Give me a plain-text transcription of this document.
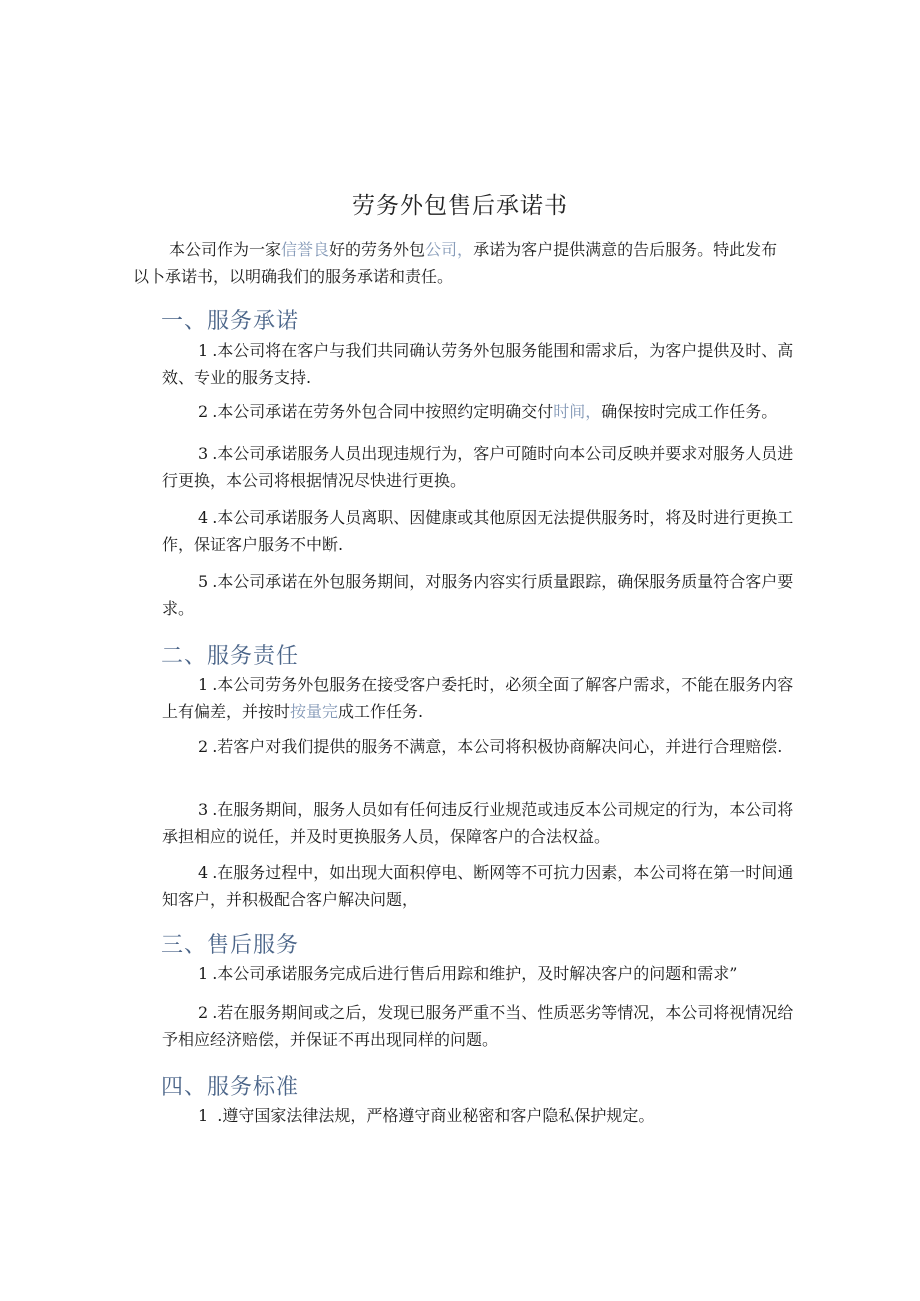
劳务外包售后承诺书
本公司作为一家信誉良好的劳务外包公司，承诺为客户提供满意的告后服务。特此发布以卜承诺书，以明确我们的服务承诺和责任。
一、服务承诺
1 .本公司将在客户与我们共同确认劳务外包服务能围和需求后，为客户提供及时、高效、专业的服务支持.
2 .本公司承诺在劳务外包合同中按照约定明确交付时间，确保按时完成工作任务。
3 .本公司承诺服务人员出现违规行为，客户可随时向本公司反映并要求对服务人员进行更换，本公司将根据情况尽快进行更换。
4 .本公司承诺服务人员离职、因健康或其他原因无法提供服务时，将及时进行更换工作，保证客户服务不中断.
5 .本公司承诺在外包服务期间，对服务内容实行质量跟踪，确保服务质量符合客户要求。
二、服务责任
1 .本公司劳务外包服务在接受客户委托时，必须全面了解客户需求，不能在服务内容上有偏差，并按时按量完成工作任务.
2 .若客户对我们提供的服务不满意，本公司将积极协商解决问心，并进行合理赔偿.
3 .在服务期间，服务人员如有任何违反行业规范或违反本公司规定的行为，本公司将承担相应的说任，并及时更换服务人员，保障客户的合法权益。
4 .在服务过程中，如出现大面积停电、断网等不可抗力因素，本公司将在第一时间通知客户，并积极配合客户解决问题，
三、售后服务
1 .本公司承诺服务完成后进行售后用踪和维护，及时解决客户的问题和需求”
2 .若在服务期间或之后，发现已服务严重不当、性质恶劣等情况，本公司将视情况给予相应经济赔偿，并保证不再出现同样的问题。
四、服务标准
1 .遵守国家法律法规，严格遵守商业秘密和客户隐私保护规定。
